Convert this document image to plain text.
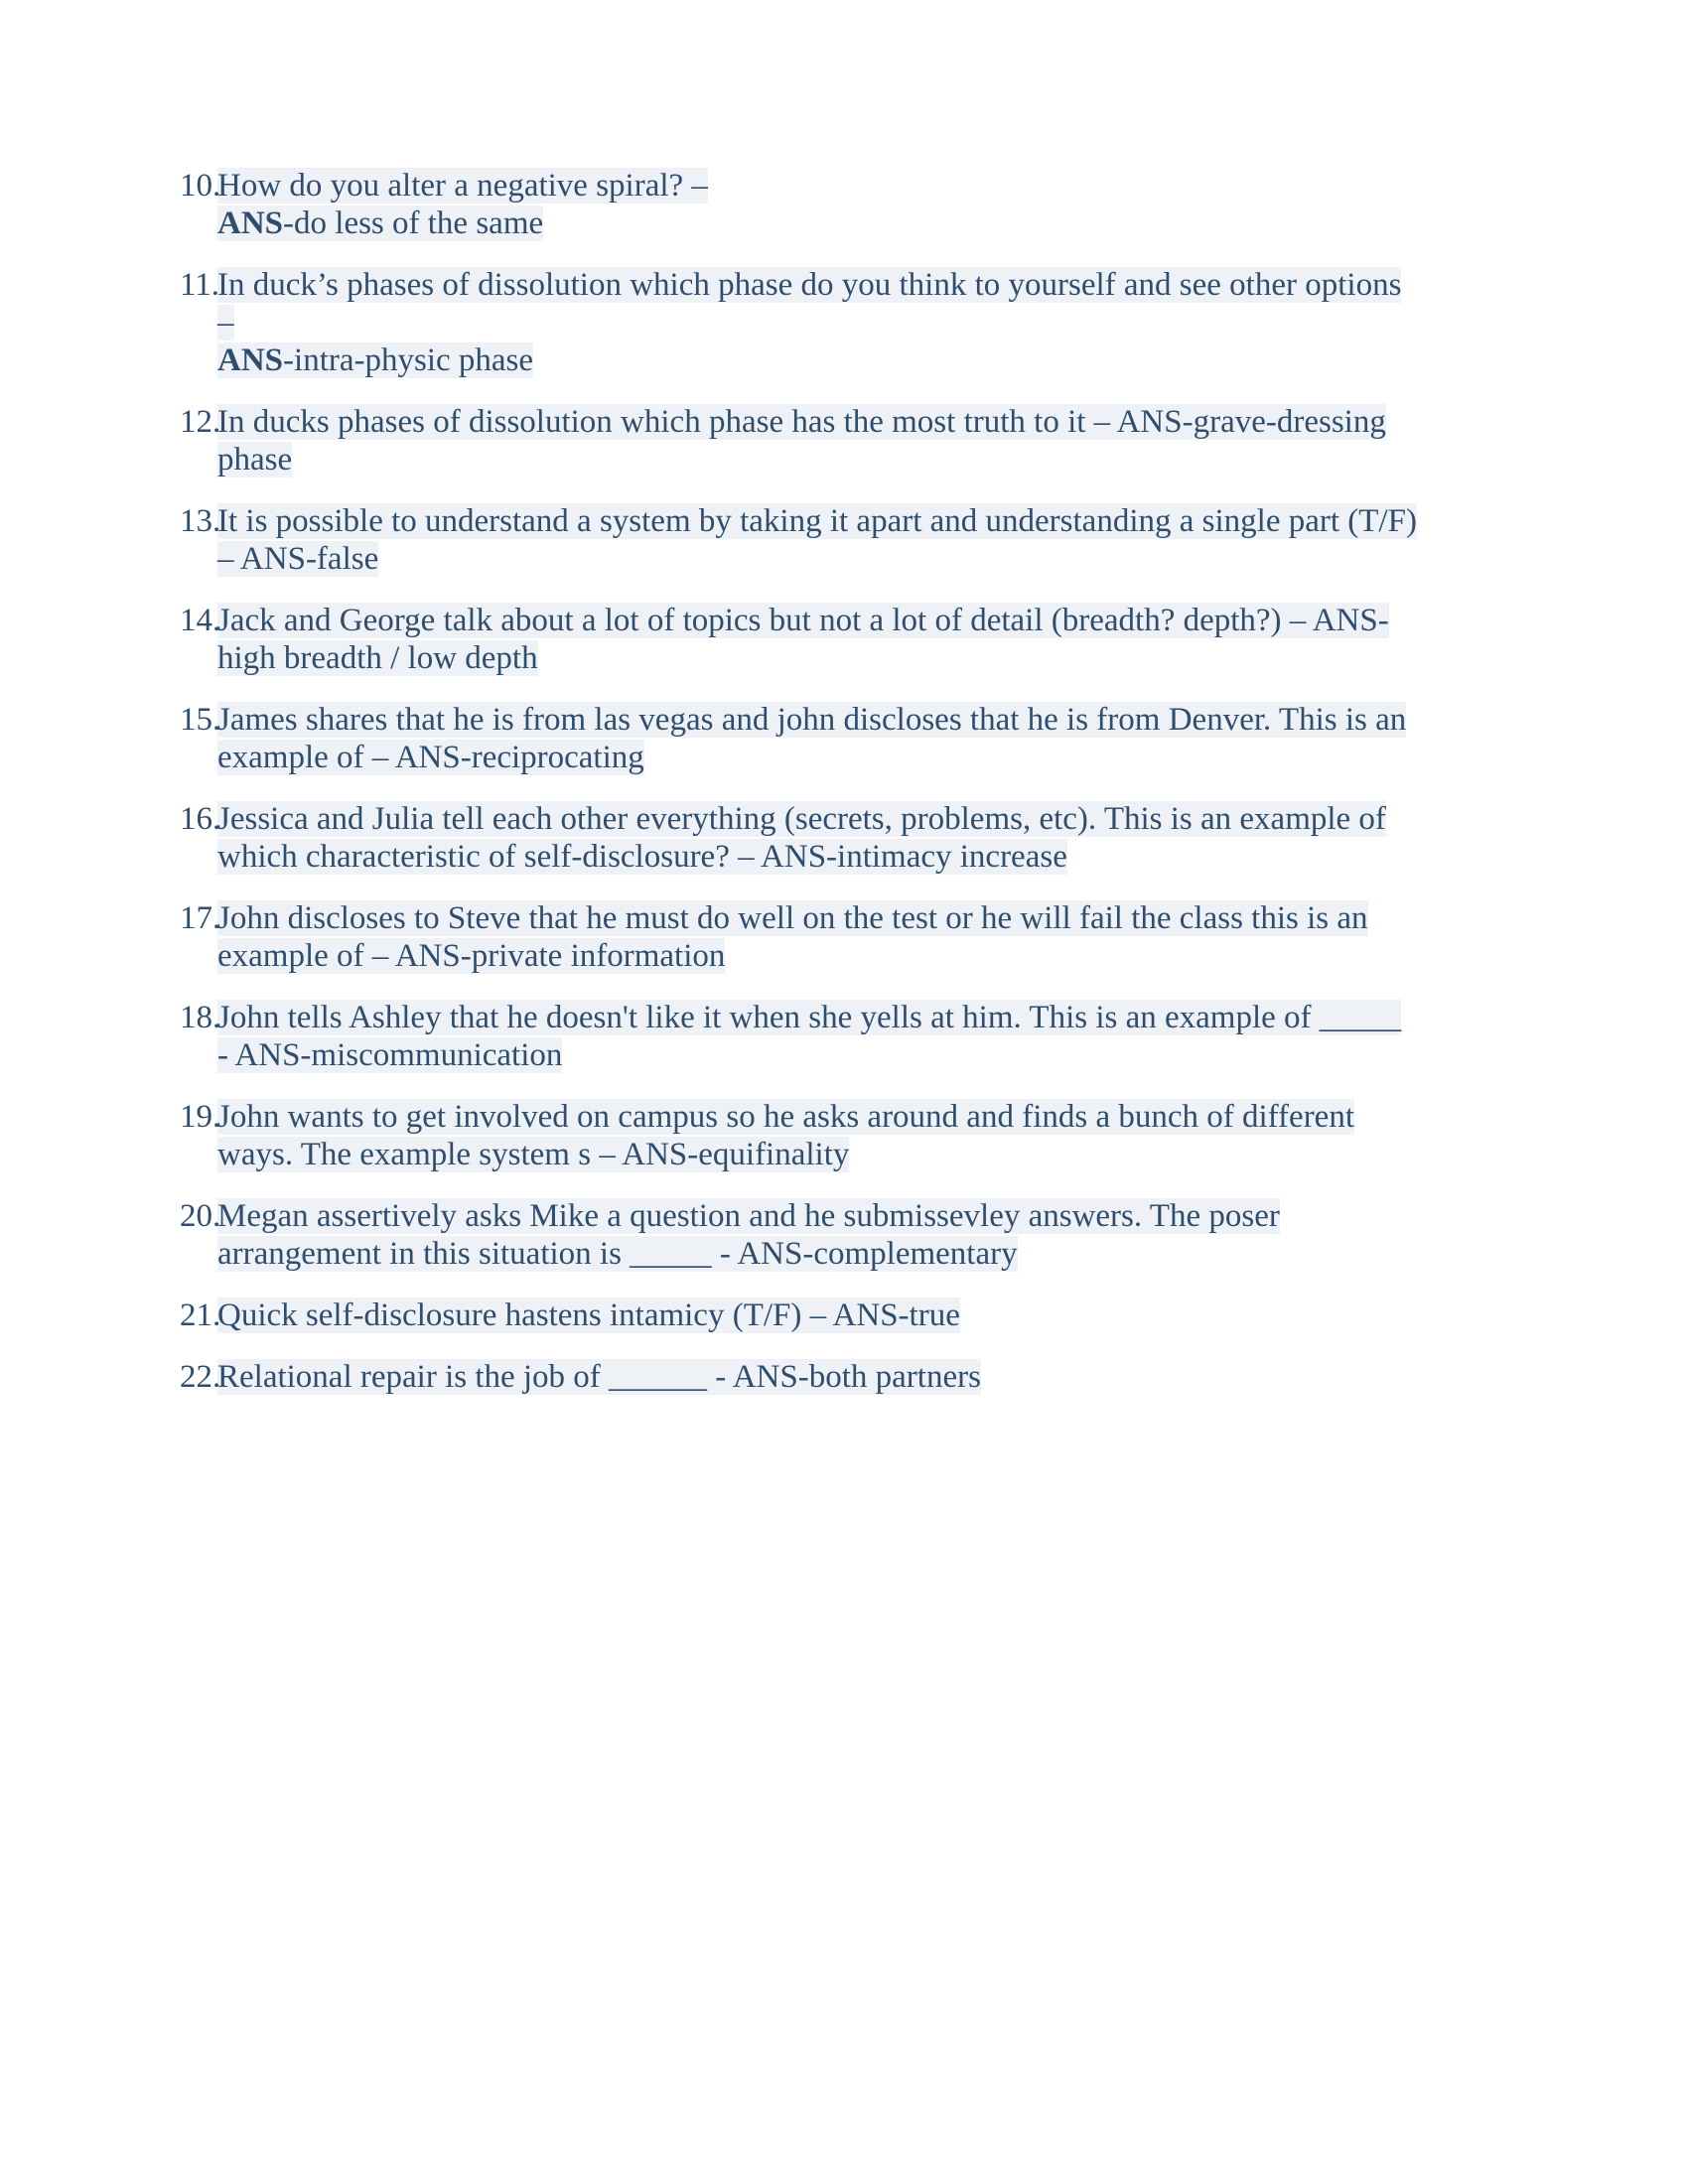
10.
How do you alter a negative spiral? –
ANS-do less of the same
11.
In duck’s phases of dissolution which phase do you think to yourself and see other options –
ANS-intra-physic phase
12.
In ducks phases of dissolution which phase has the most truth to it – ANS-grave-dressing phase
13.
It is possible to understand a system by taking it apart and understanding a single part (T/F) – ANS-false
14.
Jack and George talk about a lot of topics but not a lot of detail (breadth? depth?) – ANS-high breadth / low depth
15.
James shares that he is from las vegas and john discloses that he is from Denver. This is an example of – ANS-reciprocating
16.
Jessica and Julia tell each other everything (secrets, problems, etc). This is an example of which characteristic of self-disclosure? – ANS-intimacy increase
17.
John discloses to Steve that he must do well on the test or he will fail the class this is an example of – ANS-private information
18.
John tells Ashley that he doesn't like it when she yells at him. This is an example of _____ - ANS-miscommunication
19.
John wants to get involved on campus so he asks around and finds a bunch of different ways. The example system s – ANS-equifinality
20.
Megan assertively asks Mike a question and he submissevley answers. The poser arrangement in this situation is _____ - ANS-complementary
21.
Quick self-disclosure hastens intamicy (T/F) – ANS-true
22.
Relational repair is the job of ______ - ANS-both partners
